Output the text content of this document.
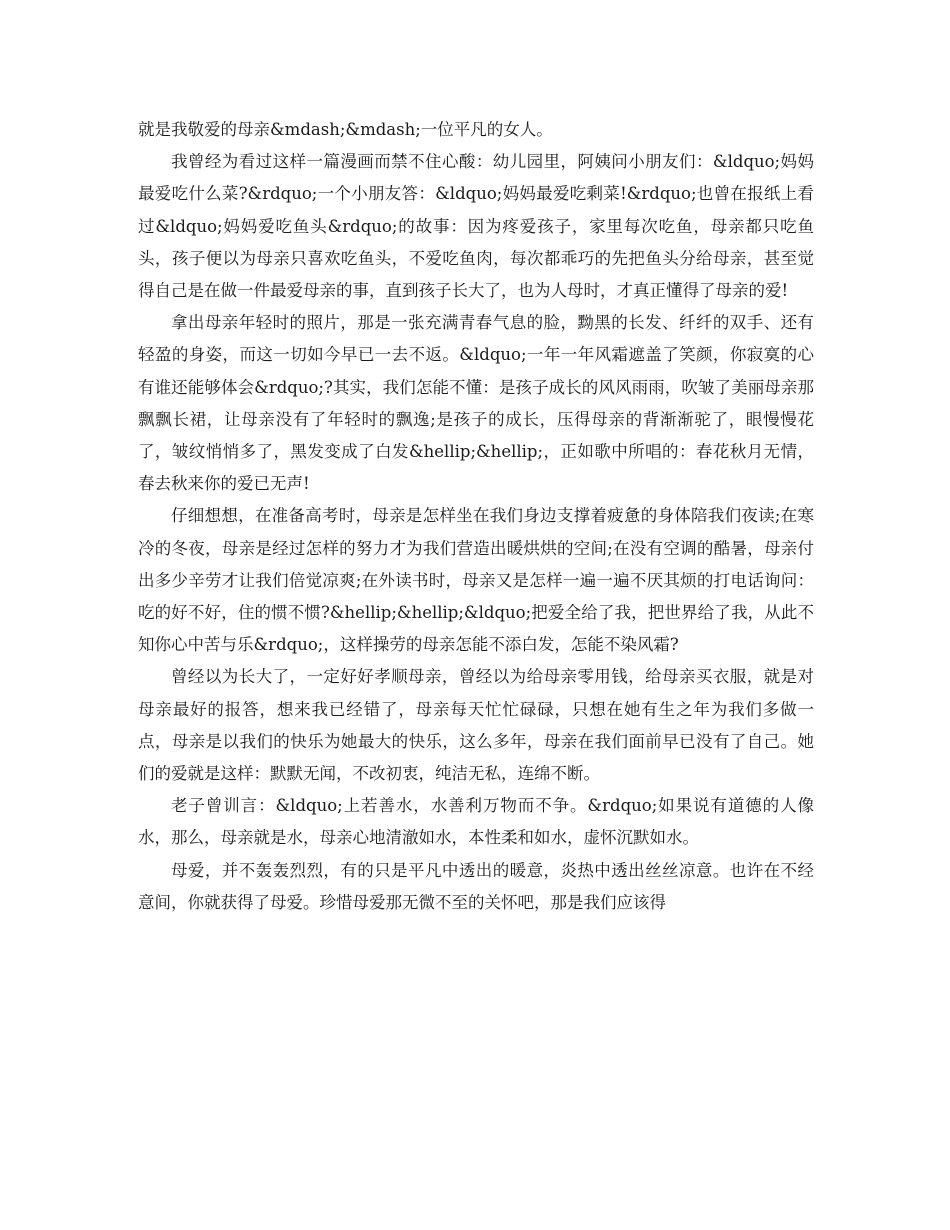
就是我敬爱的母亲&mdash;&mdash;一位平凡的女人。

我曾经为看过这样一篇漫画而禁不住心酸：幼儿园里，阿姨问小朋友们：&ldquo;妈妈最爱吃什么菜?&rdquo;一个小朋友答：&ldquo;妈妈最爱吃剩菜!&rdquo;也曾在报纸上看过&ldquo;妈妈爱吃鱼头&rdquo;的故事：因为疼爱孩子，家里每次吃鱼，母亲都只吃鱼头，孩子便以为母亲只喜欢吃鱼头，不爱吃鱼肉，每次都乖巧的先把鱼头分给母亲，甚至觉得自己是在做一件最爱母亲的事，直到孩子长大了，也为人母时，才真正懂得了母亲的爱!

拿出母亲年轻时的照片，那是一张充满青春气息的脸，黝黑的长发、纤纤的双手、还有轻盈的身姿，而这一切如今早已一去不返。&ldquo;一年一年风霜遮盖了笑颜，你寂寞的心有谁还能够体会&rdquo;?其实，我们怎能不懂：是孩子成长的风风雨雨，吹皱了美丽母亲那飘飘长裙，让母亲没有了年轻时的飘逸;是孩子的成长，压得母亲的背渐渐驼了，眼慢慢花了，皱纹悄悄多了，黑发变成了白发&hellip;&hellip;，正如歌中所唱的：春花秋月无情，春去秋来你的爱已无声!

仔细想想，在准备高考时，母亲是怎样坐在我们身边支撑着疲惫的身体陪我们夜读;在寒冷的冬夜，母亲是经过怎样的努力才为我们营造出暖烘烘的空间;在没有空调的酷暑，母亲付出多少辛劳才让我们倍觉凉爽;在外读书时，母亲又是怎样一遍一遍不厌其烦的打电话询问：吃的好不好，住的惯不惯?&hellip;&hellip;&ldquo;把爱全给了我，把世界给了我，从此不知你心中苦与乐&rdquo;，这样操劳的母亲怎能不添白发，怎能不染风霜?

曾经以为长大了，一定好好孝顺母亲，曾经以为给母亲零用钱，给母亲买衣服，就是对母亲最好的报答，想来我已经错了，母亲每天忙忙碌碌，只想在她有生之年为我们多做一点，母亲是以我们的快乐为她最大的快乐，这么多年，母亲在我们面前早已没有了自己。她们的爱就是这样：默默无闻，不改初衷，纯洁无私，连绵不断。

老子曾训言：&ldquo;上若善水，水善利万物而不争。&rdquo;如果说有道德的人像水，那么，母亲就是水，母亲心地清澈如水，本性柔和如水，虚怀沉默如水。

母爱，并不轰轰烈烈，有的只是平凡中透出的暖意，炎热中透出丝丝凉意。也许在不经意间，你就获得了母爱。珍惜母爱那无微不至的关怀吧，那是我们应该得
